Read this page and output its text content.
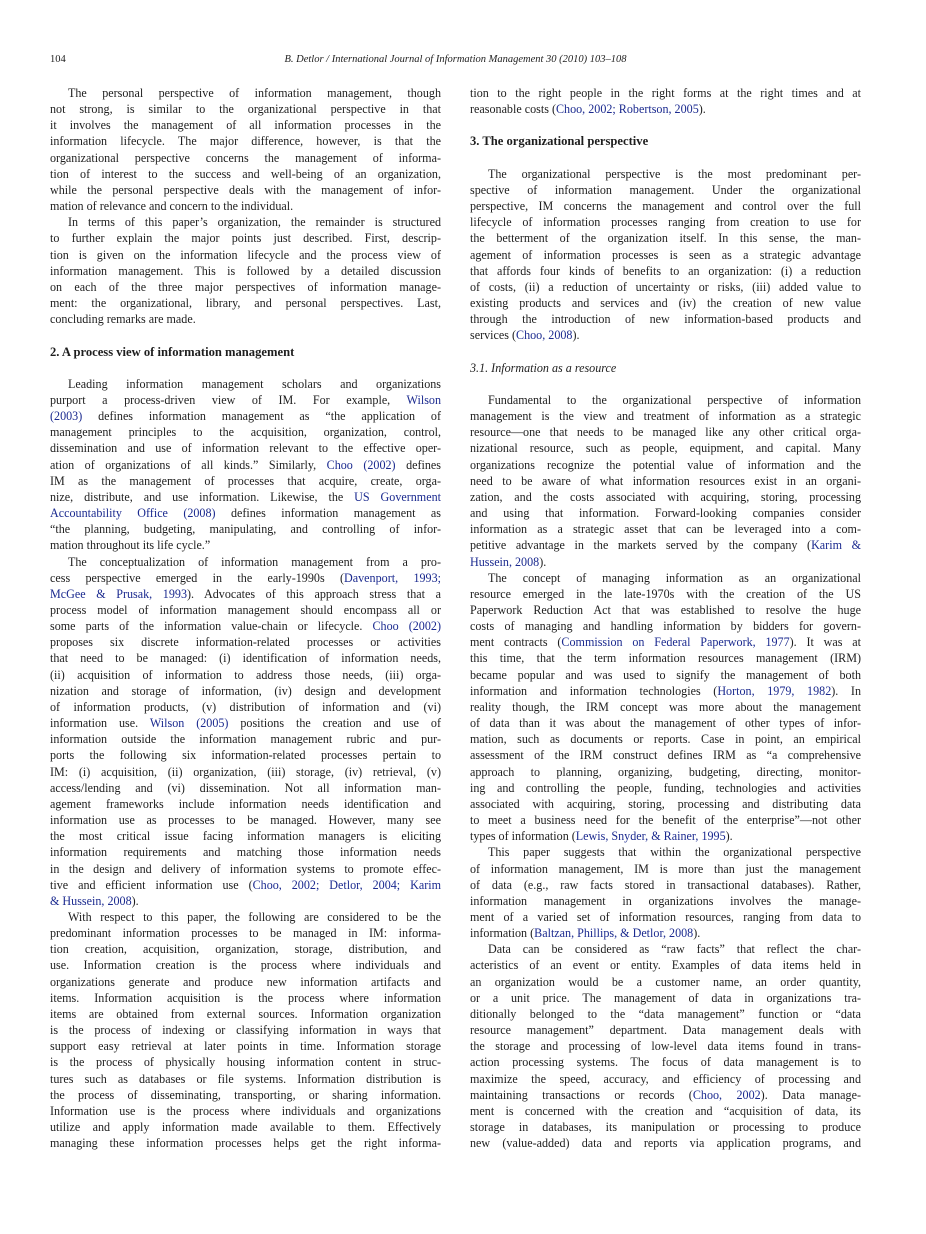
104	B. Detlor / International Journal of Information Management 30 (2010) 103–108
The personal perspective of information management, though
not strong, is similar to the organizational perspective in that
it involves the management of all information processes in the
information lifecycle. The major difference, however, is that the
organizational perspective concerns the management of informa-
tion of interest to the success and well-being of an organization,
while the personal perspective deals with the management of infor-
mation of relevance and concern to the individual.
In terms of this paper’s organization, the remainder is structured
to further explain the major points just described. First, descrip-
tion is given on the information lifecycle and the process view of
information management. This is followed by a detailed discussion
on each of the three major perspectives of information manage-
ment: the organizational, library, and personal perspectives. Last,
concluding remarks are made.
2. A process view of information management
Leading information management scholars and organizations
purport a process-driven view of IM. For example, Wilson
(2003) defines information management as “the application of
management principles to the acquisition, organization, control,
dissemination and use of information relevant to the effective oper-
ation of organizations of all kinds.” Similarly, Choo (2002) defines
IM as the management of processes that acquire, create, orga-
nize, distribute, and use information. Likewise, the US Government
Accountability Office (2008) defines information management as
“the planning, budgeting, manipulating, and controlling of infor-
mation throughout its life cycle.”
The conceptualization of information management from a pro-
cess perspective emerged in the early-1990s (Davenport, 1993;
McGee & Prusak, 1993). Advocates of this approach stress that a
process model of information management should encompass all or
some parts of the information value-chain or lifecycle. Choo (2002)
proposes six discrete information-related processes or activities
that need to be managed: (i) identification of information needs,
(ii) acquisition of information to address those needs, (iii) orga-
nization and storage of information, (iv) design and development
of information products, (v) distribution of information and (vi)
information use. Wilson (2005) positions the creation and use of
information outside the information management rubric and pur-
ports the following six information-related processes pertain to
IM: (i) acquisition, (ii) organization, (iii) storage, (iv) retrieval, (v)
access/lending and (vi) dissemination. Not all information man-
agement frameworks include information needs identification and
information use as processes to be managed. However, many see
the most critical issue facing information managers is eliciting
information requirements and matching those information needs
in the design and delivery of information systems to promote effec-
tive and efficient information use (Choo, 2002; Detlor, 2004; Karim
& Hussein, 2008).
With respect to this paper, the following are considered to be the
predominant information processes to be managed in IM: informa-
tion creation, acquisition, organization, storage, distribution, and
use. Information creation is the process where individuals and
organizations generate and produce new information artifacts and
items. Information acquisition is the process where information
items are obtained from external sources. Information organization
is the process of indexing or classifying information in ways that
support easy retrieval at later points in time. Information storage
is the process of physically housing information content in struc-
tures such as databases or file systems. Information distribution is
the process of disseminating, transporting, or sharing information.
Information use is the process where individuals and organizations
utilize and apply information made available to them. Effectively
managing these information processes helps get the right informa-
tion to the right people in the right forms at the right times and at
reasonable costs (Choo, 2002; Robertson, 2005).
3. The organizational perspective
The organizational perspective is the most predominant per-
spective of information management. Under the organizational
perspective, IM concerns the management and control over the full
lifecycle of information processes ranging from creation to use for
the betterment of the organization itself. In this sense, the man-
agement of information processes is seen as a strategic advantage
that affords four kinds of benefits to an organization: (i) a reduction
of costs, (ii) a reduction of uncertainty or risks, (iii) added value to
existing products and services and (iv) the creation of new value
through the introduction of new information-based products and
services (Choo, 2008).
3.1. Information as a resource
Fundamental to the organizational perspective of information
management is the view and treatment of information as a strategic
resource—one that needs to be managed like any other critical orga-
nizational resource, such as people, equipment, and capital. Many
organizations recognize the potential value of information and the
need to be aware of what information resources exist in an organi-
zation, and the costs associated with acquiring, storing, processing
and using that information. Forward-looking companies consider
information as a strategic asset that can be leveraged into a com-
petitive advantage in the markets served by the company (Karim &
Hussein, 2008).
The concept of managing information as an organizational
resource emerged in the late-1970s with the creation of the US
Paperwork Reduction Act that was established to resolve the huge
costs of managing and handling information by bidders for govern-
ment contracts (Commission on Federal Paperwork, 1977). It was at
this time, that the term information resources management (IRM)
became popular and was used to signify the management of both
information and information technologies (Horton, 1979, 1982). In
reality though, the IRM concept was more about the management
of data than it was about the management of other types of infor-
mation, such as documents or reports. Case in point, an empirical
assessment of the IRM construct defines IRM as “a comprehensive
approach to planning, organizing, budgeting, directing, monitor-
ing and controlling the people, funding, technologies and activities
associated with acquiring, storing, processing and distributing data
to meet a business need for the benefit of the enterprise”—not other
types of information (Lewis, Snyder, & Rainer, 1995).
This paper suggests that within the organizational perspective
of information management, IM is more than just the management
of data (e.g., raw facts stored in transactional databases). Rather,
information management in organizations involves the manage-
ment of a varied set of information resources, ranging from data to
information (Baltzan, Phillips, & Detlor, 2008).
Data can be considered as “raw facts” that reflect the char-
acteristics of an event or entity. Examples of data items held in
an organization would be a customer name, an order quantity,
or a unit price. The management of data in organizations tra-
ditionally belonged to the “data management” function or “data
resource management” department. Data management deals with
the storage and processing of low-level data items found in trans-
action processing systems. The focus of data management is to
maximize the speed, accuracy, and efficiency of processing and
maintaining transactions or records (Choo, 2002). Data manage-
ment is concerned with the creation and “acquisition of data, its
storage in databases, its manipulation or processing to produce
new (value-added) data and reports via application programs, and
